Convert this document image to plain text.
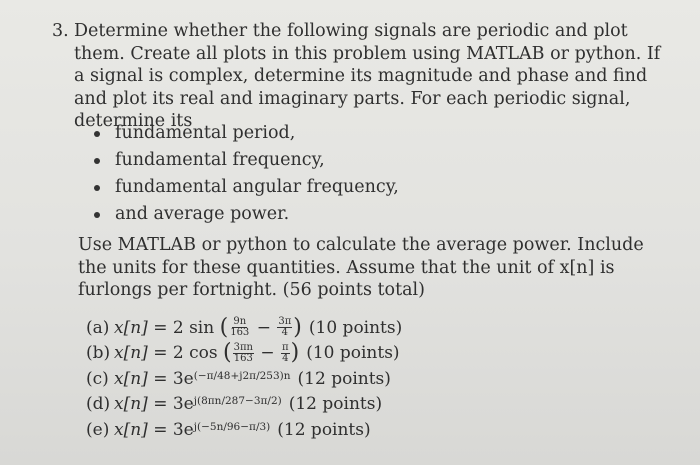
3. Determine whether the following signals are periodic and plot them. Create all plots in this problem using MATLAB or python. If a signal is complex, determine its magnitude and phase and find and plot its real and imaginary parts. For each periodic signal, determine its
fundamental period,
fundamental frequency,
fundamental angular frequency,
and average power.
Use MATLAB or python to calculate the average power. Include the units for these quantities. Assume that the unit of x[n] is furlongs per fortnight. (56 points total)
(a) x[n]
= 2 sin
( $\frac{9n}{163}$
−
$\frac{3\pi}{4}$ ) (10 points)
(b) x[n]
= 2 cos
( $\frac{3\pi n}{163}$
−
$\frac{\pi}{4}$ ) (10 points)
(c) x[n]
= $3e^{(-\pi/48+j2\pi/253)n}$ (12 points)
(d) x[n]
= $3e^{j(8\pi n/287-3\pi/2)}$ (12 points)
(e) x[n]
= $3e^{j(-5n/96-\pi/3)}$ (12 points)
